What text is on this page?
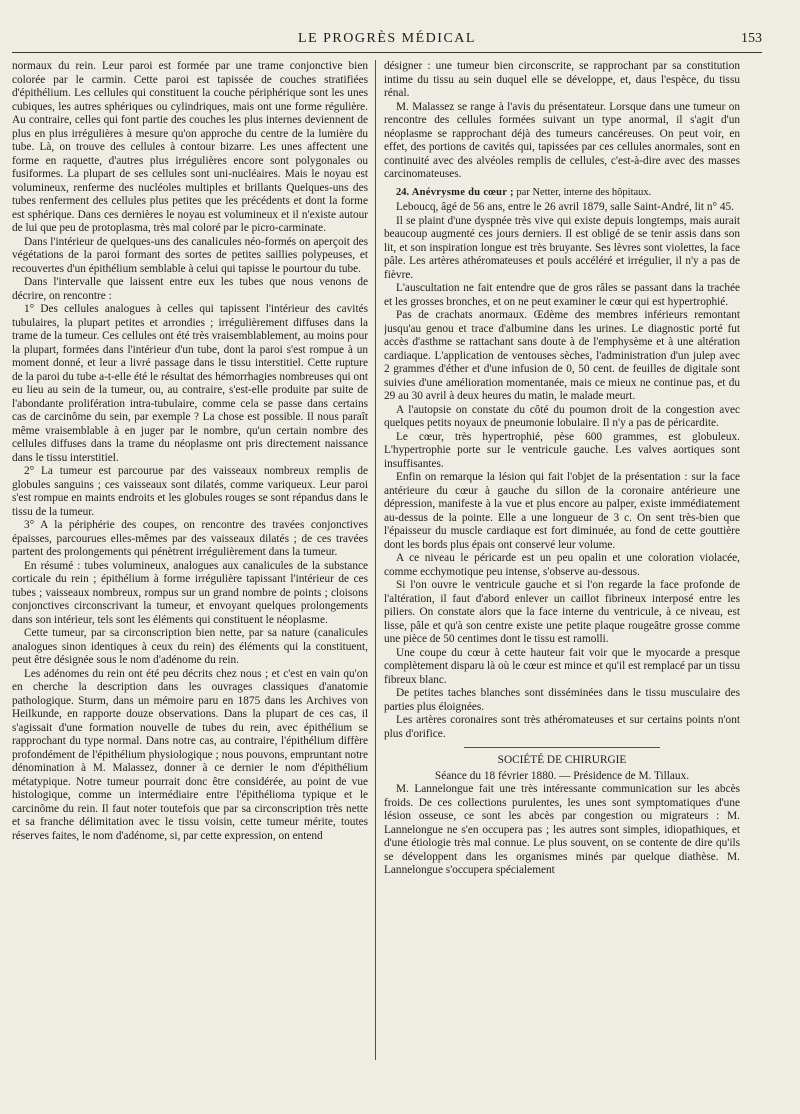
LE PROGRÈS MÉDICAL	153

normaux du rein. Leur paroi est formée par une trame conjonctive bien colorée par le carmin. Cette paroi est tapissée de couches stratifiées d'épithélium. Les cellules qui constituent la couche périphérique sont les unes cubiques, les autres sphériques ou cylindriques, mais ont une forme régulière. Au contraire, celles qui font partie des couches les plus internes deviennent de plus en plus irrégulières à mesure qu'on approche du centre de la lumière du tube. Là, on trouve des cellules à contour bizarre. Les unes affectent une forme en raquette, d'autres plus irrégulières encore sont polygonales ou fusiformes. La plupart de ses cellules sont uni-nucléaires. Mais le noyau est volumineux, renferme des nucléoles multiples et brillants Quelques-uns des tubes renferment des cellules plus petites que les précédents et dont la forme est sphérique. Dans ces dernières le noyau est volumineux et il n'existe autour de lui que peu de protoplasma, très mal coloré par le picro-carminate.

Dans l'intérieur de quelques-uns des canalicules néo-formés on aperçoit des végétations de la paroi formant des sortes de petites saillies polypeuses, et recouvertes d'un épithélium semblable à celui qui tapisse le pourtour du tube.

Dans l'intervalle que laissent entre eux les tubes que nous venons de décrire, on rencontre :

1° Des cellules analogues à celles qui tapissent l'intérieur des cavités tubulaires, la plupart petites et arrondies ; irrégulièrement diffuses dans la trame de la tumeur. Ces cellules ont été très vraisemblablement, au moins pour la plupart, formées dans l'intérieur d'un tube, dont la paroi s'est rompue à un moment donné, et leur a livré passage dans le tissu interstitiel. Cette rupture de la paroi du tube a-t-elle été le résultat des hémorrhagies nombreuses qui ont eu lieu au sein de la tumeur, ou, au contraire, s'est-elle produite par suite de l'abondante prolifération intra-tubulaire, comme cela se passe dans certains cas de carcinôme du sein, par exemple ? La chose est possible. Il nous paraît même vraisemblable à en juger par le nombre, qu'un certain nombre des cellules diffuses dans la trame du néoplasme ont pris directement naissance dans le tissu interstitiel.

2° La tumeur est parcourue par des vaisseaux nombreux remplis de globules sanguins ; ces vaisseaux sont dilatés, comme variqueux. Leur paroi s'est rompue en maints endroits et les globules rouges se sont répandus dans le tissu de la tumeur.

3° A la périphérie des coupes, on rencontre des travées conjonctives épaisses, parcourues elles-mêmes par des vaisseaux dilatés ; de ces travées partent des prolongements qui pénètrent irrégulièrement dans la tumeur.

En résumé : tubes volumineux, analogues aux canalicules de la substance corticale du rein ; épithélium à forme irrégulière tapissant l'intérieur de ces tubes ; vaisseaux nombreux, rompus sur un grand nombre de points ; cloisons conjonctives circonscrivant la tumeur, et envoyant quelques prolongements dans son intérieur, tels sont les éléments qui constituent le néoplasme.

Cette tumeur, par sa circonscription bien nette, par sa nature (canalicules analogues sinon identiques à ceux du rein) des éléments qui la constituent, peut être désignée sous le nom d'adénome du rein.

Les adénomes du rein ont été peu décrits chez nous ; et c'est en vain qu'on en cherche la description dans les ouvrages classiques d'anatomie pathologique. Sturm, dans un mémoire paru en 1875 dans les Archives von Heilkunde, en rapporte douze observations. Dans la plupart de ces cas, il s'agissait d'une formation nouvelle de tubes du rein, avec épithélium se rapprochant du type normal. Dans notre cas, au contraire, l'épithélium diffère profondément de l'épithélium physiologique ; nous pouvons, empruntant notre dénomination à M. Malassez, donner à ce dernier le nom d'épithélium métatypique. Notre tumeur pourrait donc être considérée, au point de vue histologique, comme un intermédiaire entre l'épithélioma typique et le carcinôme du rein. Il faut noter toutefois que par sa circonscription très nette et sa franche délimitation avec le tissu voisin, cette tumeur mérite, toutes réserves faites, le nom d'adénome, si, par cette expression, on entend

désigner : une tumeur bien circonscrite, se rapprochant par sa constitution intime du tissu au sein duquel elle se développe, et, daus l'espèce, du tissu rénal.

M. Malassez se range à l'avis du présentateur. Lorsque dans une tumeur on rencontre des cellules formées suivant un type anormal, il s'agit d'un néoplasme se rapprochant déjà des tumeurs cancéreuses. On peut voir, en effet, des portions de cavités qui, tapissées par ces cellules anormales, sont en continuité avec des alvéoles remplis de cellules, c'est-à-dire avec des masses carcinomateuses.

24. Anévrysme du cœur ; par Netter, interne des hôpitaux.

Leboucq, âgé de 56 ans, entre le 26 avril 1879, salle Saint-André, lit n° 45.

Il se plaint d'une dyspnée très vive qui existe depuis longtemps, mais aurait beaucoup augmenté ces jours derniers. Il est obligé de se tenir assis dans son lit, et son inspiration longue est très bruyante. Ses lèvres sont violettes, la face pâle. Les artères athéromateuses et pouls accéléré et irrégulier, il n'y a pas de fièvre.

L'auscultation ne fait entendre que de gros râles se passant dans la trachée et les grosses bronches, et on ne peut examiner le cœur qui est hypertrophié.

Pas de crachats anormaux. Œdème des membres inférieurs remontant jusqu'au genou et trace d'albumine dans les urines. Le diagnostic porté fut accès d'asthme se rattachant sans doute à de l'emphysème et à une altération cardiaque. L'application de ventouses sèches, l'administration d'un julep avec 2 grammes d'éther et d'une infusion de 0, 50 cent. de feuilles de digitale sont suivies d'une amélioration momentanée, mais ce mieux ne continue pas, et du 29 au 30 avril à deux heures du matin, le malade meurt.

A l'autopsie on constate du côté du poumon droit de la congestion avec quelques petits noyaux de pneumonie lobulaire. Il n'y a pas de péricardite.

Le cœur, très hypertrophié, pèse 600 grammes, est globuleux. L'hypertrophie porte sur le ventricule gauche. Les valves aortiques sont insuffisantes.

Enfin on remarque la lésion qui fait l'objet de la présentation : sur la face antérieure du cœur à gauche du sillon de la coronaire antérieure une dépression, manifeste à la vue et plus encore au palper, existe immédiatement au-dessus de la pointe. Elle a une longueur de 3 c. On sent très-bien que l'épaisseur du muscle cardiaque est fort diminuée, au fond de cette gouttière dont les bords plus épais ont conservé leur volume.

A ce niveau le péricarde est un peu opalin et une coloration violacée, comme ecchymotique peu intense, s'observe au-dessous.

Si l'on ouvre le ventricule gauche et si l'on regarde la face profonde de l'altération, il faut d'abord enlever un caillot fibrineux interposé entre les piliers. On constate alors que la face interne du ventricule, à ce niveau, est lisse, pâle et qu'à son centre existe une petite plaque rougeâtre grosse comme une pièce de 50 centimes dont le tissu est ramolli.

Une coupe du cœur à cette hauteur fait voir que le myocarde a presque complètement disparu là où le cœur est mince et qu'il est remplacé par un tissu fibreux blanc.

De petites taches blanches sont disséminées dans le tissu musculaire des parties plus éloignées.

Les artères coronaires sont très athéromateuses et sur certains points n'ont plus d'orifice.

SOCIÉTÉ DE CHIRURGIE

Séance du 18 février 1880. — Présidence de M. Tillaux.

M. Lannelongue fait une très intéressante communication sur les abcès froids. De ces collections purulentes, les unes sont symptomatiques d'une lésion osseuse, ce sont les abcès par congestion ou migrateurs : M. Lannelongue ne s'en occupera pas ; les autres sont simples, idiopathiques, et d'une étiologie très mal connue. Le plus souvent, on se contente de dire qu'ils se développent dans les organismes minés par quelque diathèse. M. Lannelongue s'occupera spécialement
